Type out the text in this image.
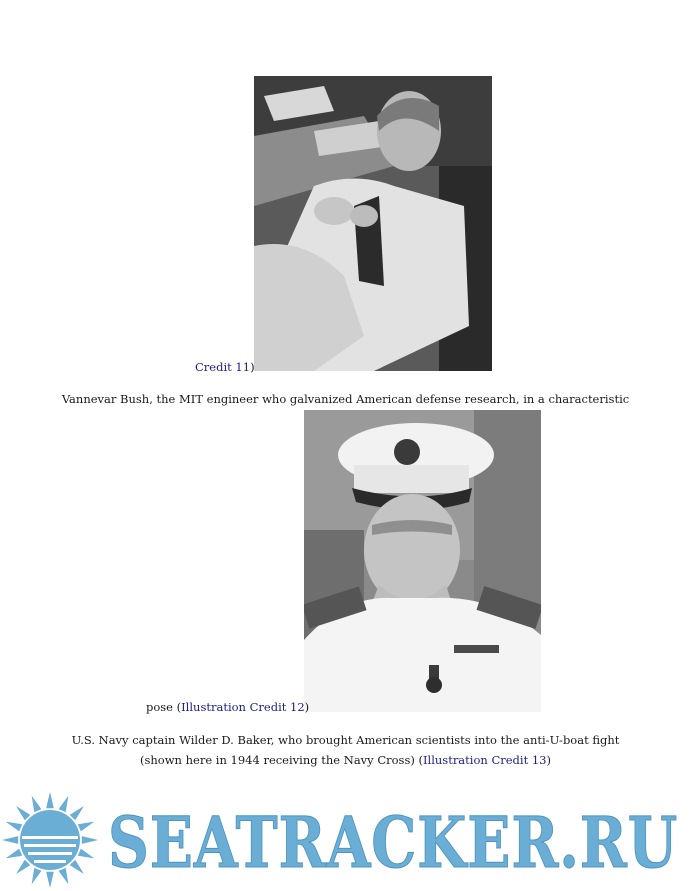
Credit 11)
Vannevar Bush, the MIT engineer who galvanized American defense research, in a characteristic
pose (Illustration Credit 12)
U.S. Navy captain Wilder D. Baker, who brought American scientists into the anti-U-boat fight
(shown here in 1944 receiving the Navy Cross) (Illustration Credit 13)
SEATRACKER.RU
